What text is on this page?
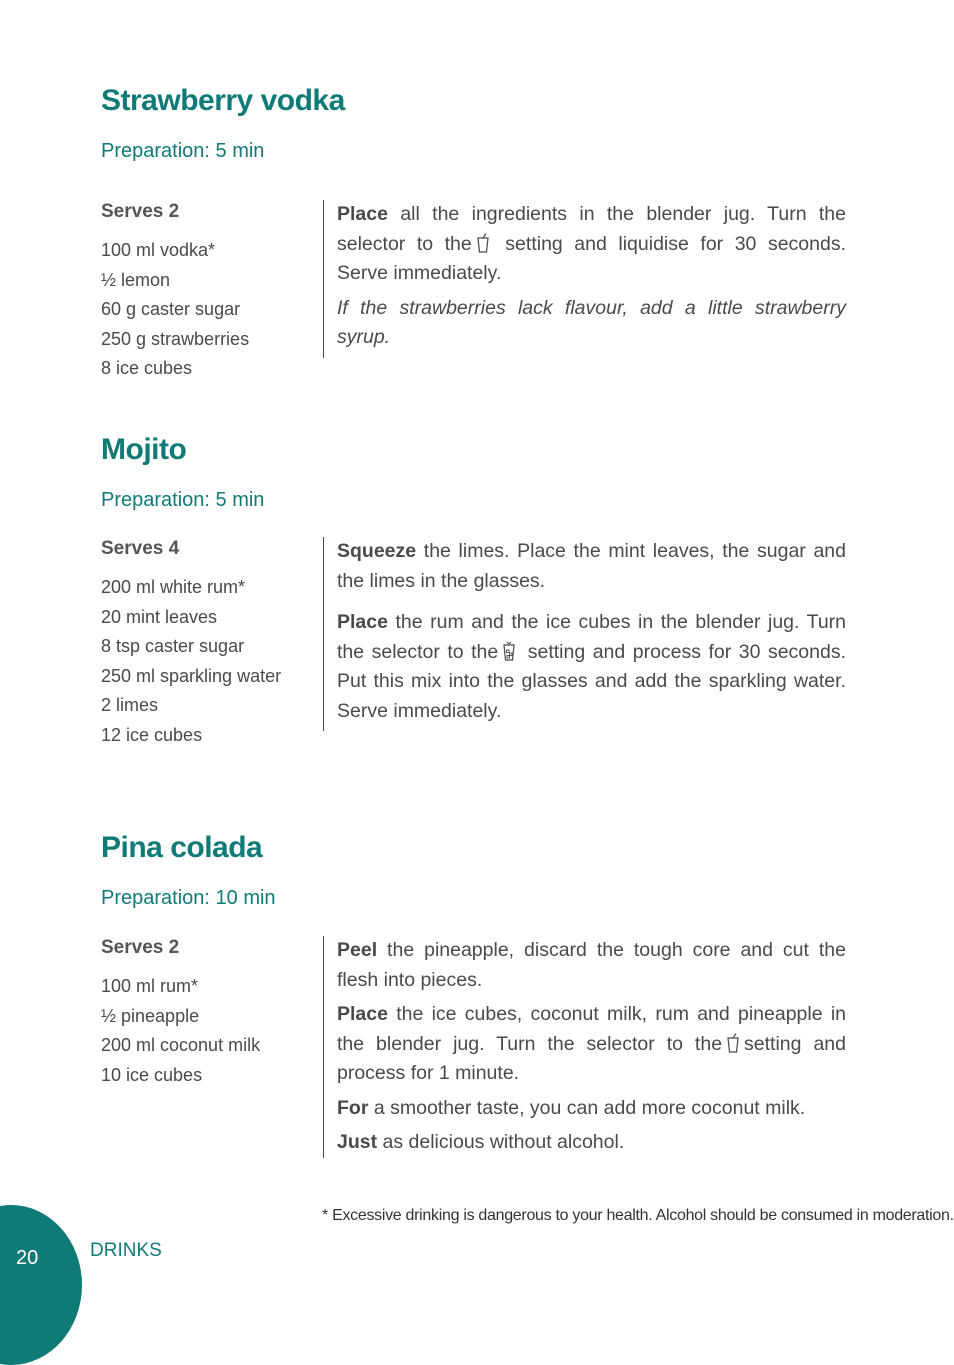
Strawberry vodka
Preparation: 5 min
Serves 2
100 ml vodka*
½ lemon
60 g caster sugar
250 g strawberries
8 ice cubes

Place all the ingredients in the blender jug. Turn the selector to the
setting and liquidise for 30 seconds. Serve immediately.

If the strawberries lack flavour, add a little strawberry syrup.

Mojito
Preparation: 5 min
Serves 4
200 ml white rum*
20 mint leaves
8 tsp caster sugar
250 ml sparkling water
2 limes
12 ice cubes

Squeeze the limes. Place the mint leaves, the sugar and the limes in the glasses.

Place the rum and the ice cubes in the blender jug. Turn the selector to the
setting and process for 30 seconds. Put this mix into the glasses and add the sparkling water. Serve immediately.

Pina colada
Preparation: 10 min
Serves 2
100 ml rum*
½ pineapple
200 ml coconut milk
10 ice cubes

Peel the pineapple, discard the tough core and cut the flesh into pieces.

Place the ice cubes, coconut milk, rum and pineapple in the blender jug. Turn the selector to the setting and process for 1 minute.

For a smoother taste, you can add more coconut milk.

Just as delicious without alcohol.

* Excessive drinking is dangerous to your health. Alcohol should be consumed in moderation.
20	DRINKS
